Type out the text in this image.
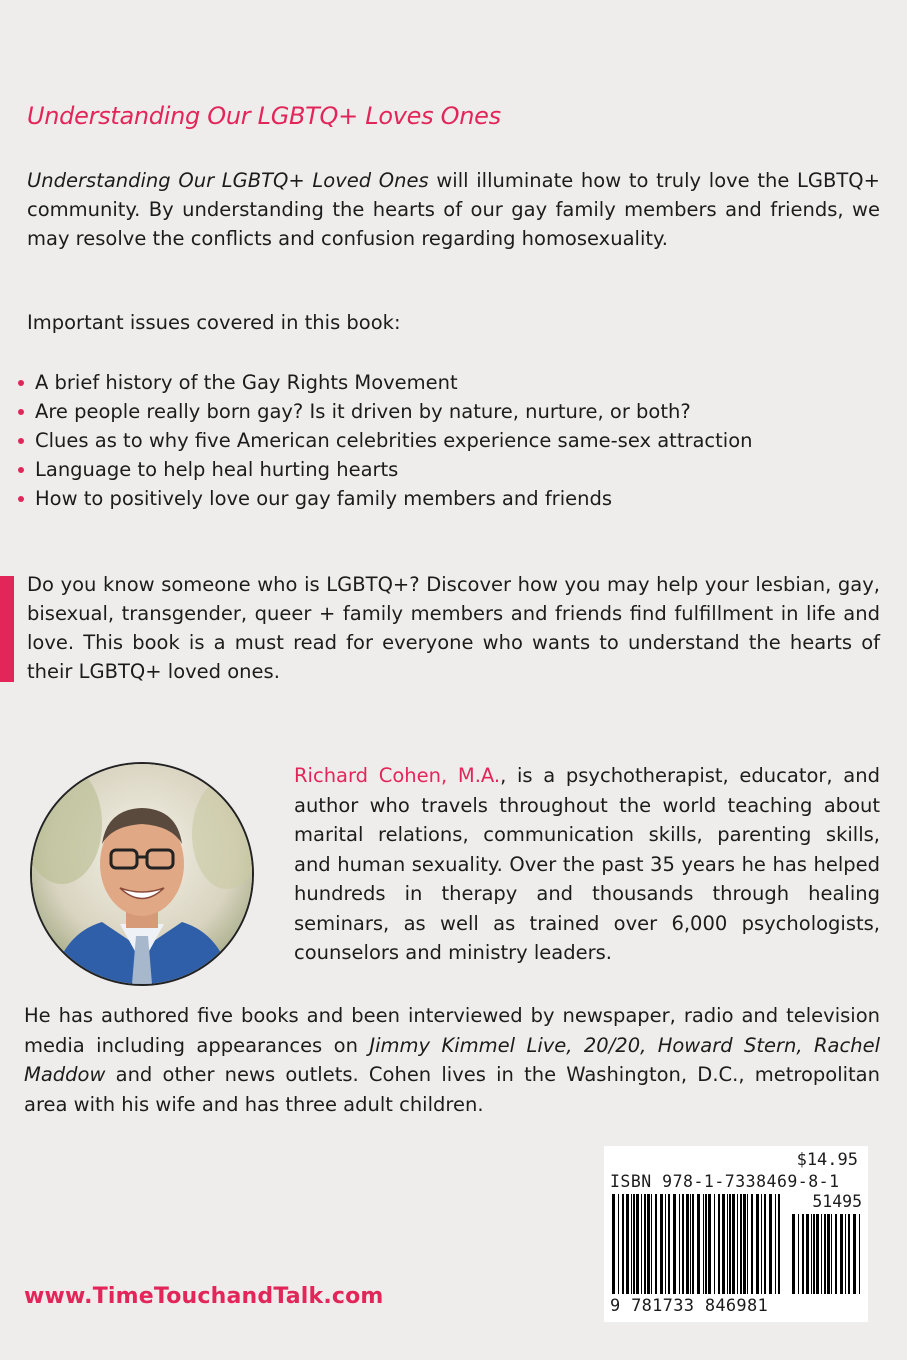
Understanding Our LGBTQ+ Loves Ones

Understanding Our LGBTQ+ Loved Ones will illuminate how to truly love the LGBTQ+ community. By understanding the hearts of our gay family members and friends, we may resolve the conflicts and confusion regarding homosexuality.

Important issues covered in this book:

A brief history of the Gay Rights Movement
Are people really born gay? Is it driven by nature, nurture, or both?
Clues as to why five American celebrities experience same-sex attraction
Language to help heal hurting hearts
How to positively love our gay family members and friends

Do you know someone who is LGBTQ+? Discover how you may help your lesbian, gay, bisexual, transgender, queer + family members and friends find fulfillment in life and love. This book is a must read for everyone who wants to understand the hearts of their LGBTQ+ loved ones.

Richard Cohen, M.A., is a psychotherapist, educator, and author who travels throughout the world teaching about marital relations, communication skills, parenting skills, and human sexuality. Over the past 35 years he has helped hundreds in therapy and thousands through healing seminars, as well as trained over 6,000 psychologists, counselors and ministry leaders.

He has authored five books and been interviewed by newspaper, radio and television media including appearances on Jimmy Kimmel Live, 20/20, Howard Stern, Rachel Maddow and other news outlets. Cohen lives in the Washington, D.C., metropolitan area with his wife and has three adult children.

www.TimeTouchandTalk.com
$14.95
ISBN 978-1-7338469-8-1
51495
9 781733 846981
